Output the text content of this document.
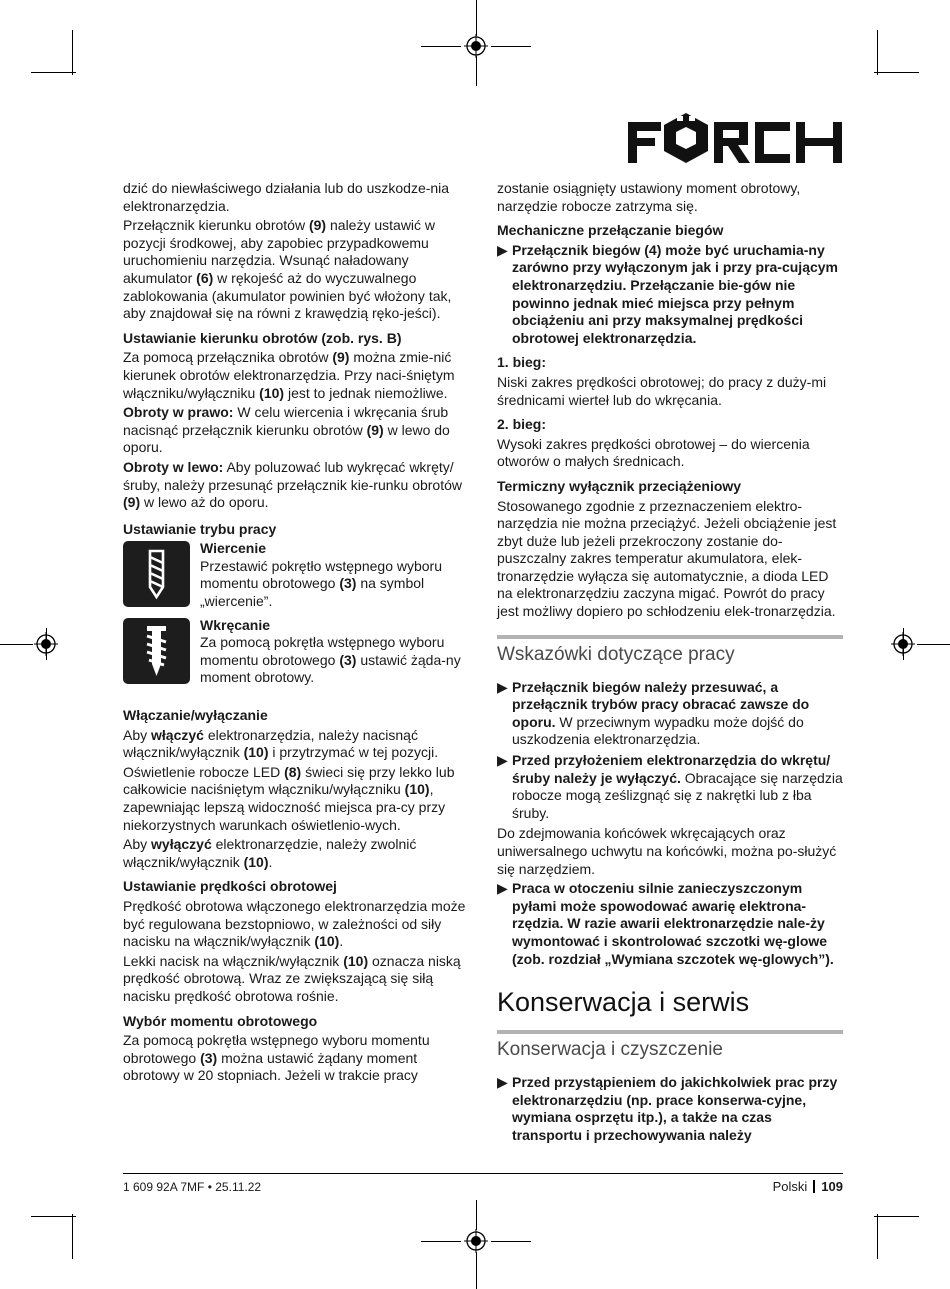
dzić do niewłaściwego działania lub do uszkodze-nia elektronarzędzia.

Przełącznik kierunku obrotów (9) należy ustawić w pozycji środkowej, aby zapobiec przypadkowemu uruchomieniu narzędzia. Wsunąć naładowany akumulator (6) w rękojeść aż do wyczuwalnego zablokowania (akumulator powinien być włożony tak, aby znajdował się na równi z krawędzią ręko-jeści).

Ustawianie kierunku obrotów (zob. rys. B)

Za pomocą przełącznika obrotów (9) można zmie-nić kierunek obrotów elektronarzędzia. Przy naci-śniętym włączniku/wyłączniku (10) jest to jednak niemożliwe.

Obroty w prawo: W celu wiercenia i wkręcania śrub nacisnąć przełącznik kierunku obrotów (9) w lewo do oporu.

Obroty w lewo: Aby poluzować lub wykręcać wkręty/śruby, należy przesunąć przełącznik kie-runku obrotów (9) w lewo aż do oporu.

Ustawianie trybu pracy
Wiercenie
Przestawić pokrętło wstępnego wyboru momentu obrotowego (3) na symbol „wiercenie”.
Wkręcanie
Za pomocą pokrętła wstępnego wyboru momentu obrotowego (3) ustawić żąda-ny moment obrotowy.
Włączanie/wyłączanie

Aby włączyć elektronarzędzia, należy nacisnąć włącznik/wyłącznik (10) i przytrzymać w tej pozycji.

Oświetlenie robocze LED (8) świeci się przy lekko lub całkowicie naciśniętym włączniku/wyłączniku (10), zapewniając lepszą widoczność miejsca pra-cy przy niekorzystnych warunkach oświetlenio-wych.

Aby wyłączyć elektronarzędzie, należy zwolnić włącznik/wyłącznik (10).

Ustawianie prędkości obrotowej

Prędkość obrotowa włączonego elektronarzędzia może być regulowana bezstopniowo, w zależności od siły nacisku na włącznik/wyłącznik (10).

Lekki nacisk na włącznik/wyłącznik (10) oznacza niską prędkość obrotową. Wraz ze zwiększającą się siłą nacisku prędkość obrotowa rośnie.

Wybór momentu obrotowego

Za pomocą pokrętła wstępnego wyboru momentu obrotowego (3) można ustawić żądany moment obrotowy w 20 stopniach. Jeżeli w trakcie pracy

zostanie osiągnięty ustawiony moment obrotowy, narzędzie robocze zatrzyma się.

Mechaniczne przełączanie biegów
▶ Przełącznik biegów (4) może być uruchamia-ny zarówno przy wyłączonym jak i przy pra-cującym elektronarzędziu. Przełączanie bie-gów nie powinno jednak mieć miejsca przy pełnym obciążeniu ani przy maksymalnej prędkości obrotowej elektronarzędzia.
1. bieg:

Niski zakres prędkości obrotowej; do pracy z duży-mi średnicami wierteł lub do wkręcania.

2. bieg:

Wysoki zakres prędkości obrotowej – do wiercenia otworów o małych średnicach.

Termiczny wyłącznik przeciążeniowy

Stosowanego zgodnie z przeznaczeniem elektro-narzędzia nie można przeciążyć. Jeżeli obciążenie jest zbyt duże lub jeżeli przekroczony zostanie do-puszczalny zakres temperatur akumulatora, elek-tronarzędzie wyłącza się automatycznie, a dioda LED na elektronarzędziu zaczyna migać. Powrót do pracy jest możliwy dopiero po schłodzeniu elek-tronarzędzia.

Wskazówki dotyczące pracy
▶ Przełącznik biegów należy przesuwać, a przełącznik trybów pracy obracać zawsze do oporu. W przeciwnym wypadku może dojść do uszkodzenia elektronarzędzia.
▶ Przed przyłożeniem elektronarzędzia do wkrętu/śruby należy je wyłączyć. Obracające się narzędzia robocze mogą ześlizgnąć się z nakrętki lub z łba śruby.

Do zdejmowania końcówek wkręcających oraz uniwersalnego uchwytu na końcówki, można po-służyć się narzędziem.

▶ Praca w otoczeniu silnie zanieczyszczonym pyłami może spowodować awarię elektrona-rzędzia. W razie awarii elektronarzędzie nale-ży wymontować i skontrolować szczotki wę-glowe (zob. rozdział „Wymiana szczotek wę-glowych”).
Konserwacja i serwis
Konserwacja i czyszczenie
▶ Przed przystąpieniem do jakichkolwiek prac przy elektronarzędziu (np. prace konserwa-cyjne, wymiana osprzętu itp.), a także na czas transportu i przechowywania należy
1 609 92A 7MF • 25.11.22	Polski 109
